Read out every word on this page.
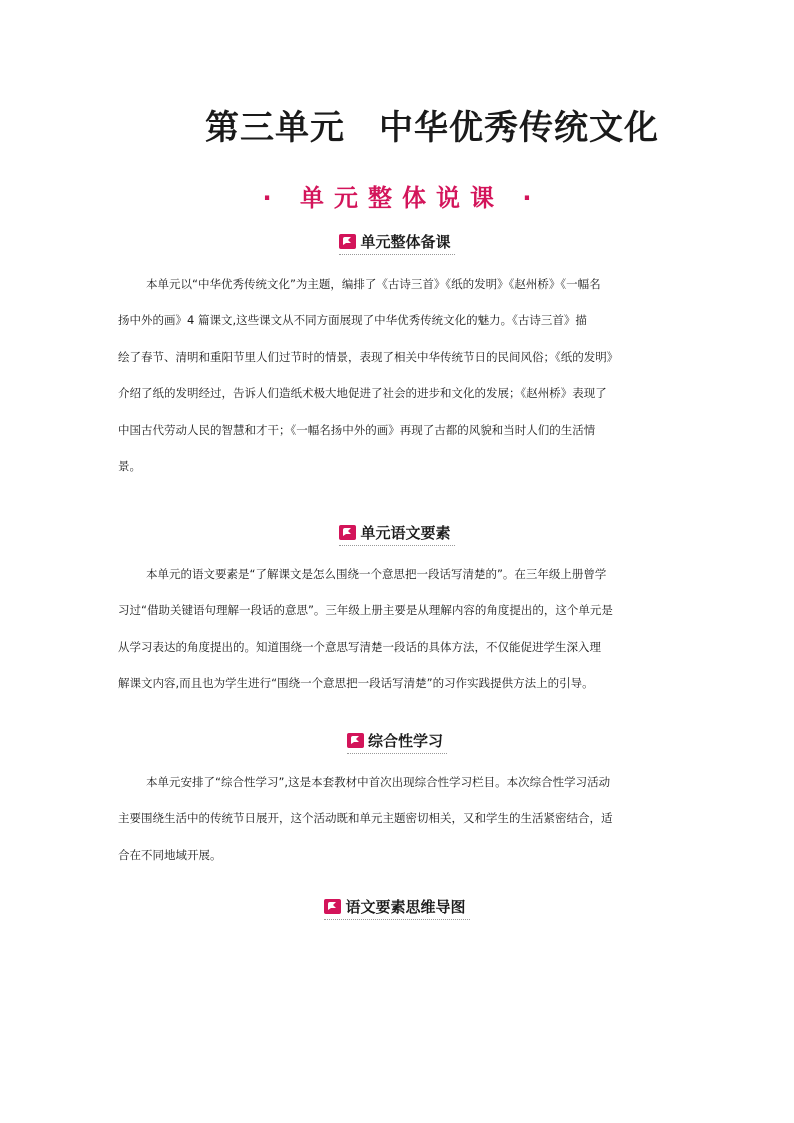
第三单元 中华优秀传统文化
· 单元整体说课 ·
单元整体备课
本单元以“中华优秀传统文化”为主题，编排了《古诗三首》《纸的发明》《赵州桥》《一幅名
扬中外的画》4 篇课文,这些课文从不同方面展现了中华优秀传统文化的魅力。《古诗三首》描
绘了春节、清明和重阳节里人们过节时的情景，表现了相关中华传统节日的民间风俗；《纸的发明》
介绍了纸的发明经过，告诉人们造纸术极大地促进了社会的进步和文化的发展；《赵州桥》表现了
中国古代劳动人民的智慧和才干；《一幅名扬中外的画》再现了古都的风貌和当时人们的生活情
景。
单元语文要素
本单元的语文要素是“了解课文是怎么围绕一个意思把一段话写清楚的”。在三年级上册曾学
习过“借助关键语句理解一段话的意思”。三年级上册主要是从理解内容的角度提出的，这个单元是
从学习表达的角度提出的。知道围绕一个意思写清楚一段话的具体方法，不仅能促进学生深入理
解课文内容,而且也为学生进行“围绕一个意思把一段话写清楚”的习作实践提供方法上的引导。
综合性学习
本单元安排了“综合性学习”,这是本套教材中首次出现综合性学习栏目。本次综合性学习活动
主要围绕生活中的传统节日展开，这个活动既和单元主题密切相关，又和学生的生活紧密结合，适
合在不同地域开展。
语文要素思维导图
